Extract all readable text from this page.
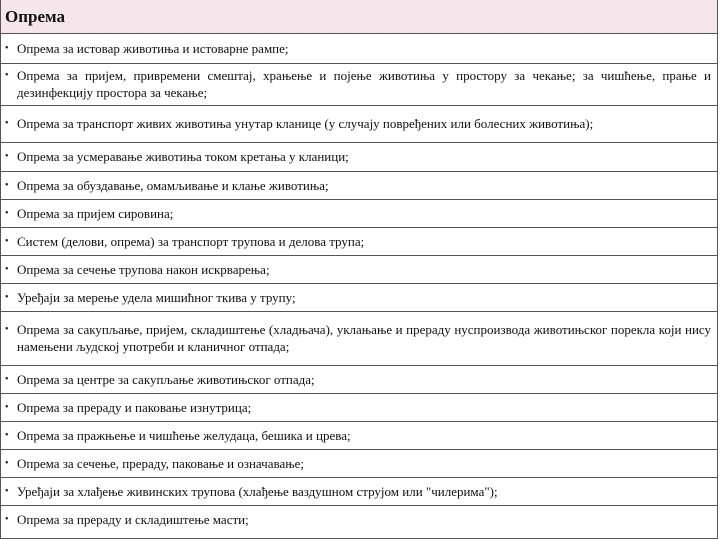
Опрема
• Опрема за истовар животиња и истоварне рампе;

• Опрема за пријем, привремени смештај, храњење и појење животиња у простору за чекање; за чишћење, прање и дезинфекцију простора за чекање;

• Опрема за транспорт живих животиња унутар кланице (у случају повређених или болесних животиња);

• Опрема за усмеравање животиња током кретања у кланици;

• Опрема за обуздавање, омамљивање и клање животиња;

• Опрема за пријем сировина;

• Систем (делови, опрема) за транспорт трупова и делова трупа;

• Опрема за сечење трупова након искрварења;

• Уређаји за мерење удела мишићног ткива у трупу;

• Опрема за сакупљање, пријем, складиштење (хладњача), уклањање и прераду нуспроизвода животињског порекла који нису намењени људској употреби и кланичног отпада;

• Опрема за центре за сакупљање животињског отпада;

• Опрема за прераду и паковање изнутрица;

• Опрема за пражњење и чишћење желудаца, бешика и црева;

• Опрема за сечење, прераду, паковање и означавање;

• Уређаји за хлађење живинских трупова (хлађење ваздушном струјом или "чилерима");

• Опрема за прераду и складиштење масти;
